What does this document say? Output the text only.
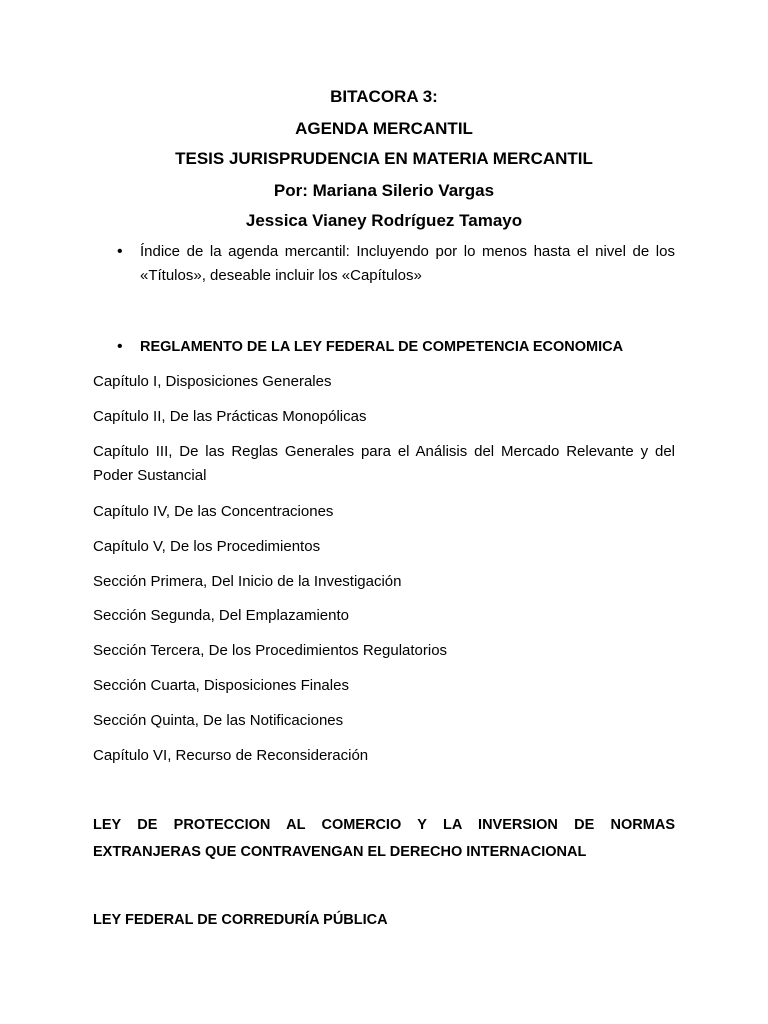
BITACORA 3:
AGENDA MERCANTIL
TESIS JURISPRUDENCIA EN MATERIA MERCANTIL
Por: Mariana Silerio Vargas
Jessica Vianey Rodríguez Tamayo
• Índice de la agenda mercantil: Incluyendo por lo menos hasta el nivel de los «Títulos», deseable incluir los «Capítulos»
• REGLAMENTO DE LA LEY FEDERAL DE COMPETENCIA ECONOMICA
Capítulo I, Disposiciones Generales
Capítulo II, De las Prácticas Monopólicas
Capítulo III, De las Reglas Generales para el Análisis del Mercado Relevante y del Poder Sustancial
Capítulo IV, De las Concentraciones
Capítulo V, De los Procedimientos
Sección Primera, Del Inicio de la Investigación
Sección Segunda, Del Emplazamiento
Sección Tercera, De los Procedimientos Regulatorios
Sección Cuarta, Disposiciones Finales
Sección Quinta, De las Notificaciones
Capítulo VI, Recurso de Reconsideración
LEY DE PROTECCION AL COMERCIO Y LA INVERSION DE NORMAS EXTRANJERAS QUE CONTRAVENGAN EL DERECHO INTERNACIONAL
LEY FEDERAL DE CORREDURÍA PÚBLICA
